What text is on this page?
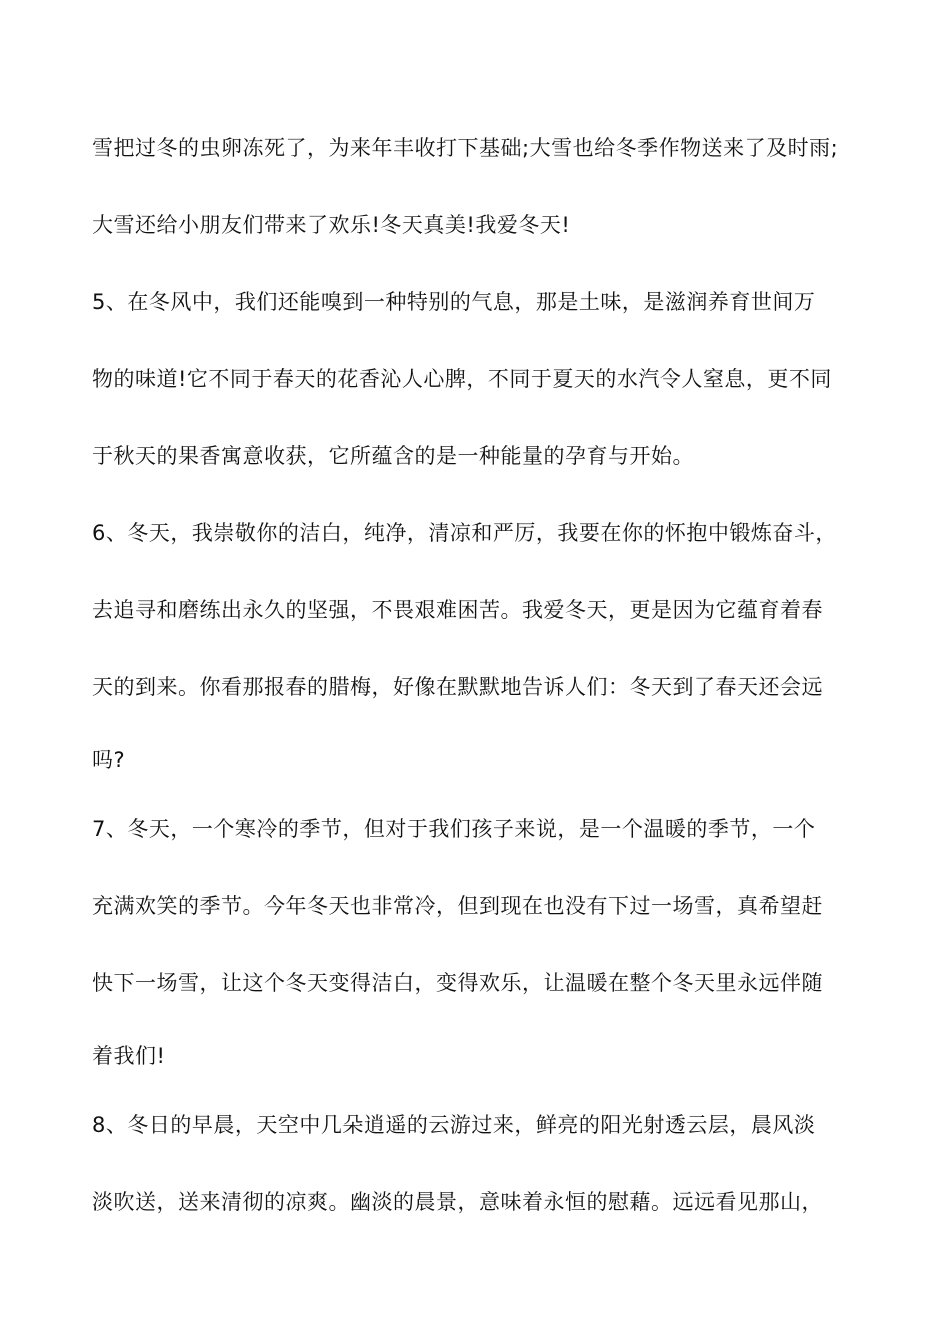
雪把过冬的虫卵冻死了，为来年丰收打下基础;大雪也给冬季作物送来了及时雨;
大雪还给小朋友们带来了欢乐!冬天真美!我爱冬天!
5、在冬风中，我们还能嗅到一种特别的气息，那是土味，是滋润养育世间万
物的味道!它不同于春天的花香沁人心脾，不同于夏天的水汽令人窒息，更不同
于秋天的果香寓意收获，它所蕴含的是一种能量的孕育与开始。
6、冬天，我崇敬你的洁白，纯净，清凉和严厉，我要在你的怀抱中锻炼奋斗，
去追寻和磨练出永久的坚强，不畏艰难困苦。我爱冬天，更是因为它蕴育着春
天的到来。你看那报春的腊梅，好像在默默地告诉人们：冬天到了春天还会远
吗?
7、冬天，一个寒冷的季节，但对于我们孩子来说，是一个温暖的季节，一个
充满欢笑的季节。今年冬天也非常冷，但到现在也没有下过一场雪，真希望赶
快下一场雪，让这个冬天变得洁白，变得欢乐，让温暖在整个冬天里永远伴随
着我们!
8、冬日的早晨，天空中几朵逍遥的云游过来，鲜亮的阳光射透云层，晨风淡
淡吹送，送来清彻的凉爽。幽淡的晨景，意味着永恒的慰藉。远远看见那山，
